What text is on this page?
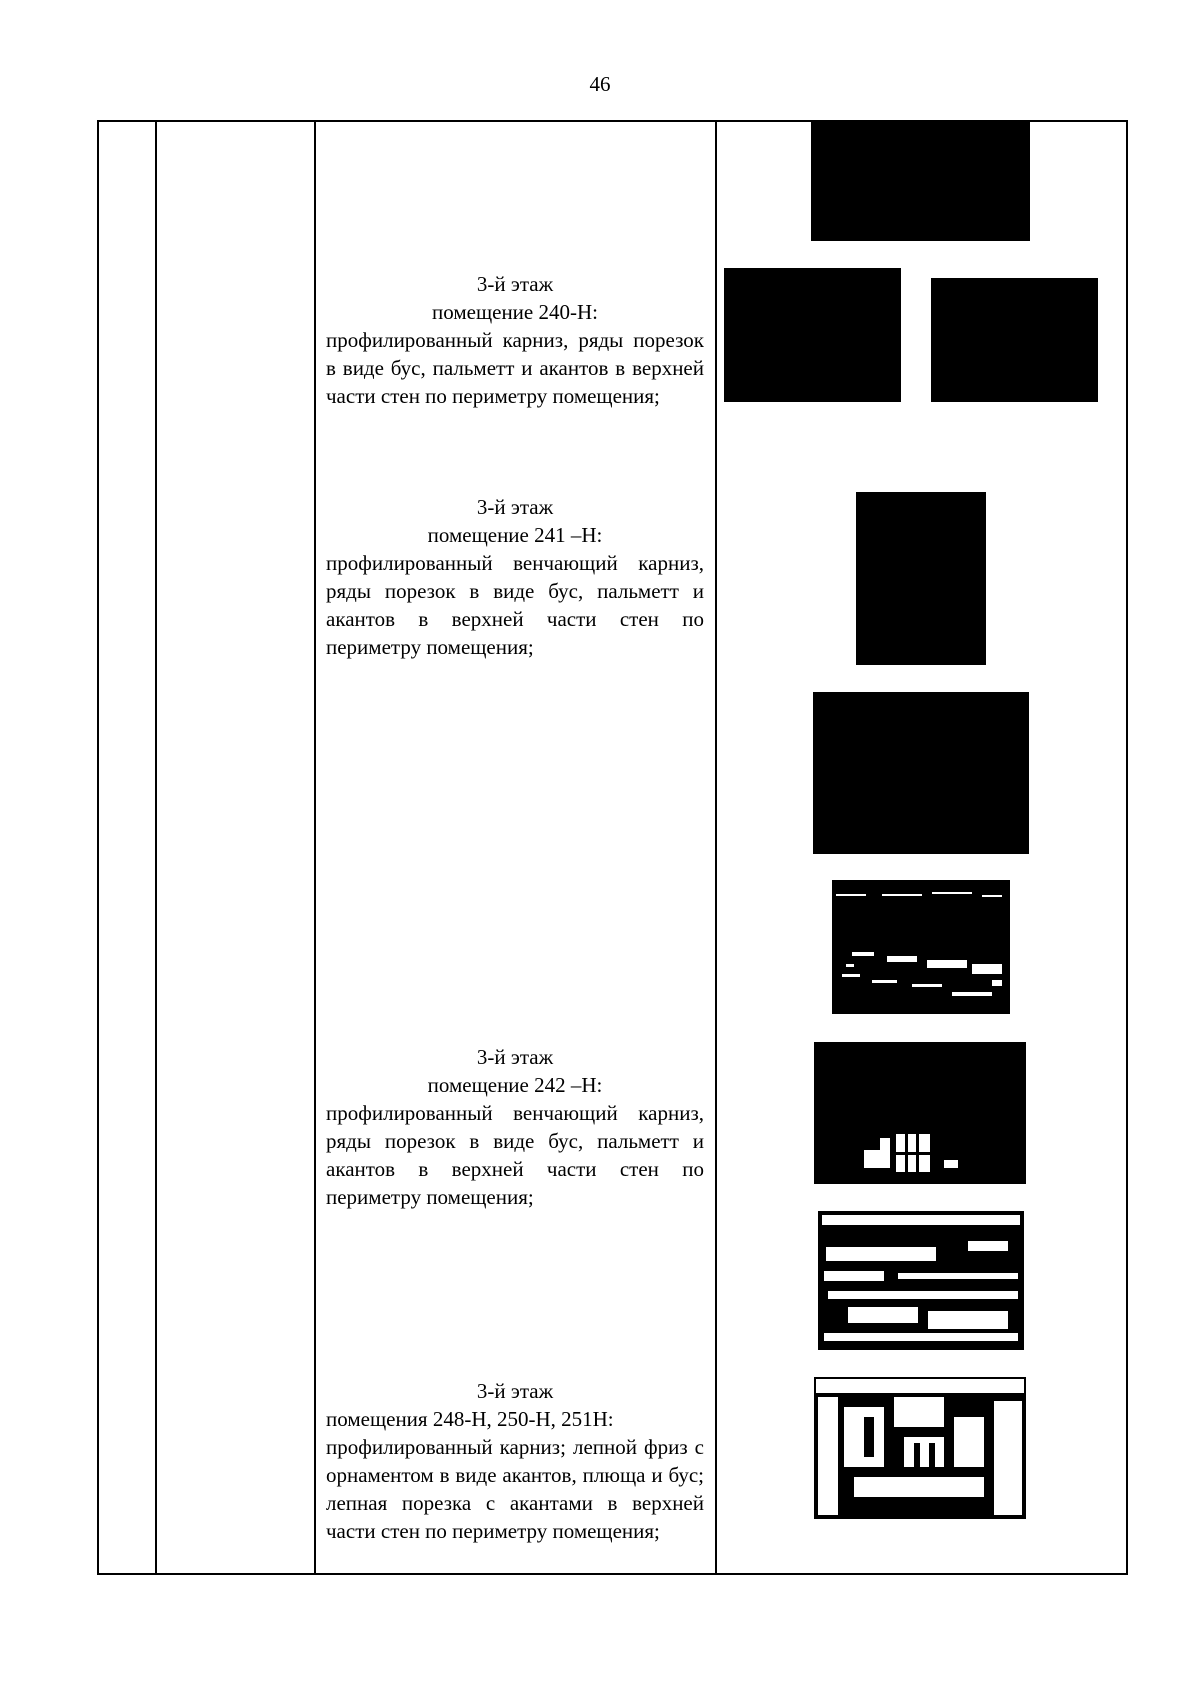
46
3-й этаж
помещение 240-Н:
профилированный карниз, ряды порезок в виде бус, пальметт и акантов в верхней части стен по периметру помещения;
3-й этаж
помещение 241 –Н:
профилированный венчающий карниз, ряды порезок в виде бус, пальметт и акантов в верхней части стен по периметру помещения;
3-й этаж
помещение 242 –Н:
профилированный венчающий карниз, ряды порезок в виде бус, пальметт и акантов в верхней части стен по периметру помещения;
3-й этаж
помещения 248-Н, 250-Н, 251Н:
профилированный карниз; лепной фриз с орнаментом в виде акантов, плюща и бус; лепная порезка с акантами в верхней части стен по периметру помещения;
